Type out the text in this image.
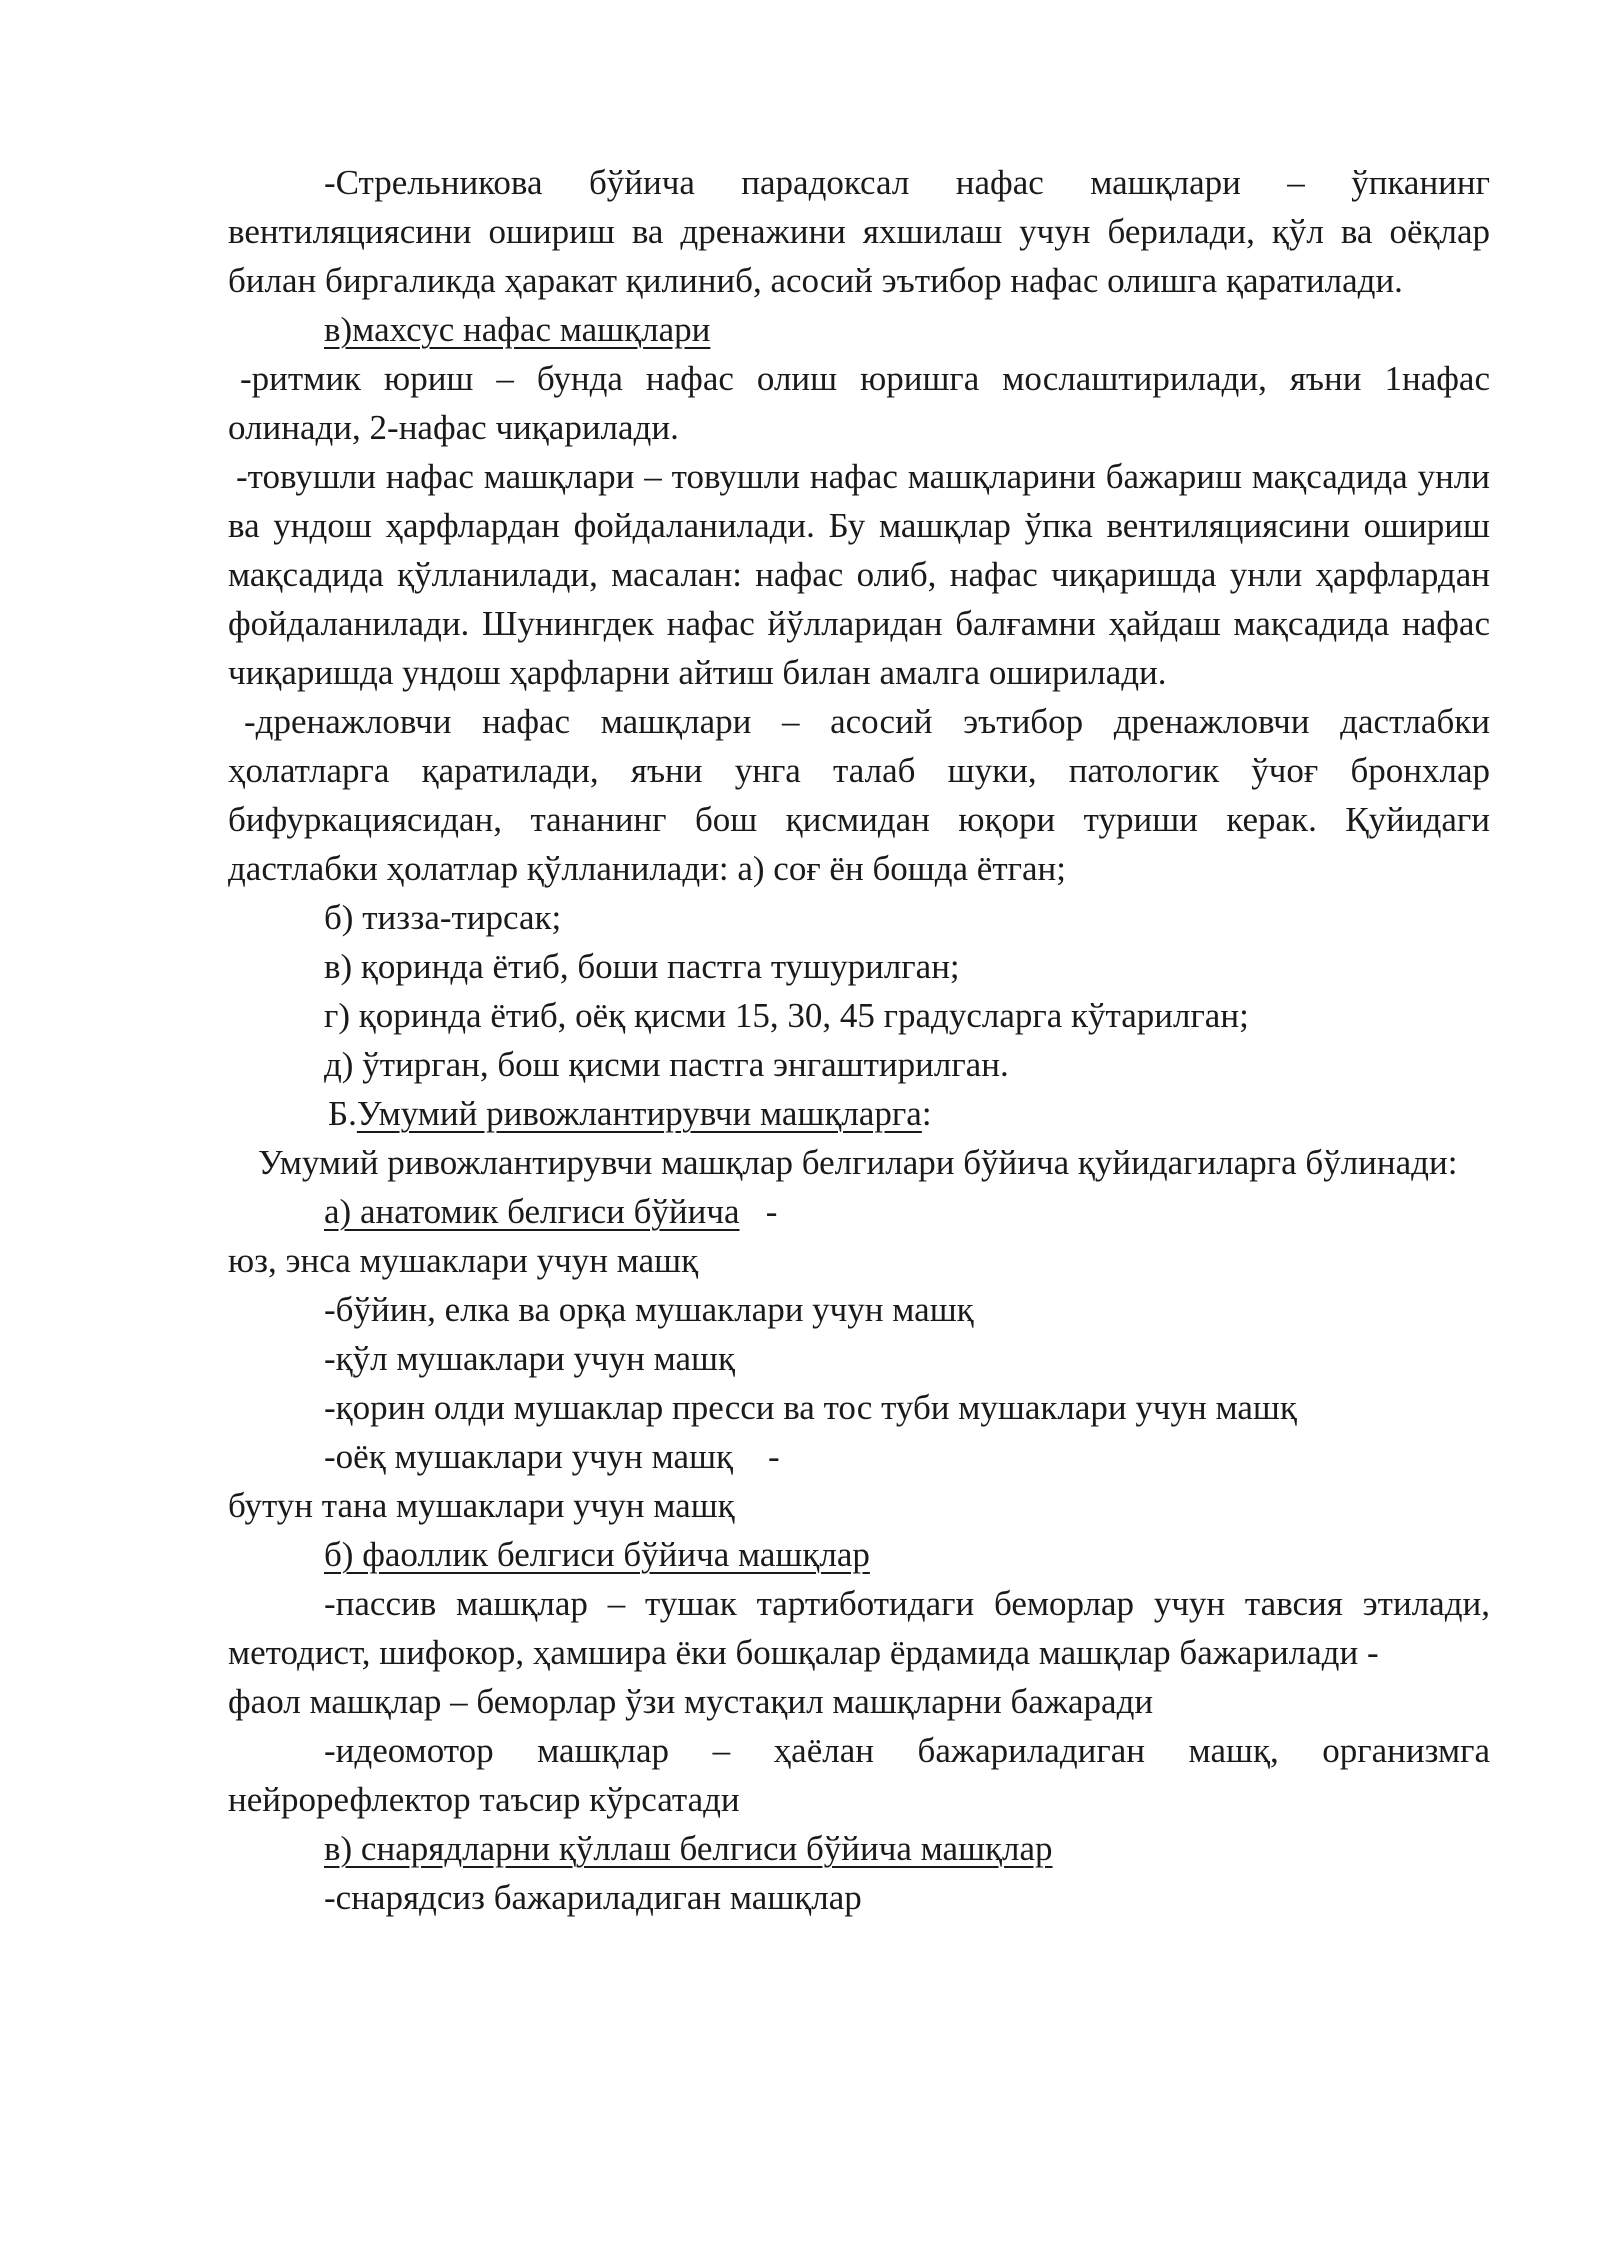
-Стрельникова бўйича парадоксал нафас машқлари – ўпканинг вентиляциясини ошириш ва дренажини яхшилаш учун берилади, қўл ва оёқлар билан биргаликда ҳаракат қилиниб, асосий эътибор нафас олишга қаратилади.

в)махсус нафас машқлари

-ритмик юриш – бунда нафас олиш юришга мослаштирилади, яъни 1нафас олинади, 2-нафас чиқарилади.

-товушли нафас машқлари – товушли нафас машқларини бажариш мақсадида унли ва ундош ҳарфлардан фойдаланилади. Бу машқлар ўпка вентиляциясини ошириш мақсадида қўлланилади, масалан: нафас олиб, нафас чиқаришда унли ҳарфлардан фойдаланилади. Шунингдек нафас йўлларидан балғамни ҳайдаш мақсадида нафас чиқаришда ундош ҳарфларни айтиш билан амалга оширилади.

-дренажловчи нафас машқлари – асосий эътибор дренажловчи дастлабки ҳолатларга қаратилади, яъни унга талаб шуки, патологик ўчоғ бронхлар бифуркациясидан, тананинг бош қисмидан юқори туриши керак. Қуйидаги дастлабки ҳолатлар қўлланилади: а) соғ ён бошда ётган;

б) тизза-тирсак;

в) қоринда ётиб, боши пастга тушурилган;

г) қоринда ётиб, оёқ қисми 15, 30, 45 градусларга кўтарилган;

д) ўтирган, бош қисми пастга энгаштирилган.

Б.Умумий ривожлантирувчи машқларга:

Умумий ривожлантирувчи машқлар белгилари бўйича қуйидагиларга бўлинади:

а) анатомик белгиси бўйича   -

юз, энса мушаклари учун машқ

-бўйин, елка ва орқа мушаклари учун машқ

-қўл мушаклари учун машқ

-қорин олди мушаклар пресси ва тос туби мушаклари учун машқ

-оёқ мушаклари учун машқ    -

бутун тана мушаклари учун машқ

б) фаоллик белгиси бўйича машқлар

-пассив машқлар – тушак тартиботидаги беморлар учун тавсия этилади, методист, шифокор, ҳамшира ёки бошқалар ёрдамида машқлар бажарилади -

фаол машқлар – беморлар ўзи мустақил машқларни бажаради

-идеомотор машқлар – ҳаёлан бажариладиган машқ, организмга нейрорефлектор таъсир кўрсатади

в) снарядларни қўллаш белгиси бўйича машқлар

-снарядсиз бажариладиган машқлар
